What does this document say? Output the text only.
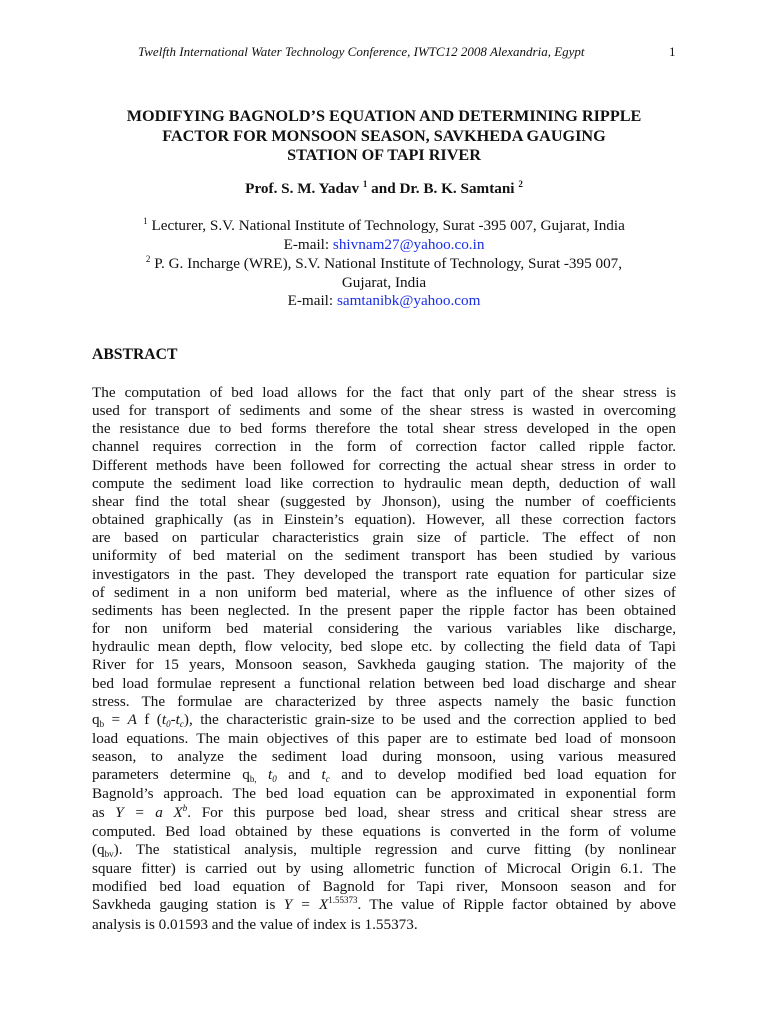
Twelfth International Water Technology Conference, IWTC12 2008 Alexandria, Egypt	1
MODIFYING BAGNOLD’S EQUATION AND DETERMINING RIPPLE
FACTOR FOR MONSOON SEASON, SAVKHEDA GAUGING
STATION OF TAPI RIVER
Prof. S. M. Yadav $^1$ and Dr. B. K. Samtani $^2$
$^1$ Lecturer, S.V. National Institute of Technology, Surat -395 007, Gujarat, India
E-mail: shivnam27@yahoo.co.in
$^2$ P. G. Incharge (WRE), S.V. National Institute of Technology, Surat -395 007,
Gujarat, India
E-mail: samtanibk@yahoo.com
ABSTRACT
The computation of bed load allows for the fact that only part of the shear stress is
used for transport of sediments and some of the shear stress is wasted in overcoming
the resistance due to bed forms therefore the total shear stress developed in the open
channel requires correction in the form of correction factor called ripple factor.
Different methods have been followed for correcting the actual shear stress in order to
compute the sediment load like correction to hydraulic mean depth, deduction of wall
shear find the total shear (suggested by Jhonson), using the number of coefficients
obtained graphically (as in Einstein’s equation). However, all these correction factors
are based on particular characteristics grain size of particle. The effect of non
uniformity of bed material on the sediment transport has been studied by various
investigators in the past. They developed the transport rate equation for particular size
of sediment in a non uniform bed material, where as the influence of other sizes of
sediments has been neglected. In the present paper the ripple factor has been obtained
for non uniform bed material considering the various variables like discharge,
hydraulic mean depth, flow velocity, bed slope etc. by collecting the field data of Tapi
River for 15 years, Monsoon season, Savkheda gauging station. The majority of the
bed load formulae represent a functional relation between bed load discharge and shear
stress. The formulae are characterized by three aspects namely the basic function
$q_b = A$ f $(t_0-t_c)$, the characteristic grain-size to be used and the correction applied to bed
load equations. The main objectives of this paper are to estimate bed load of monsoon
season, to analyze the sediment load during monsoon, using various measured
parameters determine $q_{b,}$ $t_0$ and $t_c$ and to develop modified bed load equation for
Bagnold’s approach. The bed load equation can be approximated in exponential form
as Y = a $X^b$. For this purpose bed load, shear stress and critical shear stress are
computed. Bed load obtained by these equations is converted in the form of volume
$(q_{bv})$. The statistical analysis, multiple regression and curve fitting (by nonlinear
square fitter) is carried out by using allometric function of Microcal Origin 6.1. The
modified bed load equation of Bagnold for Tapi river, Monsoon season and for
Savkheda gauging station is $Y = X^{1.55373}$. The value of Ripple factor obtained by above
analysis is 0.01593 and the value of index is 1.55373.
